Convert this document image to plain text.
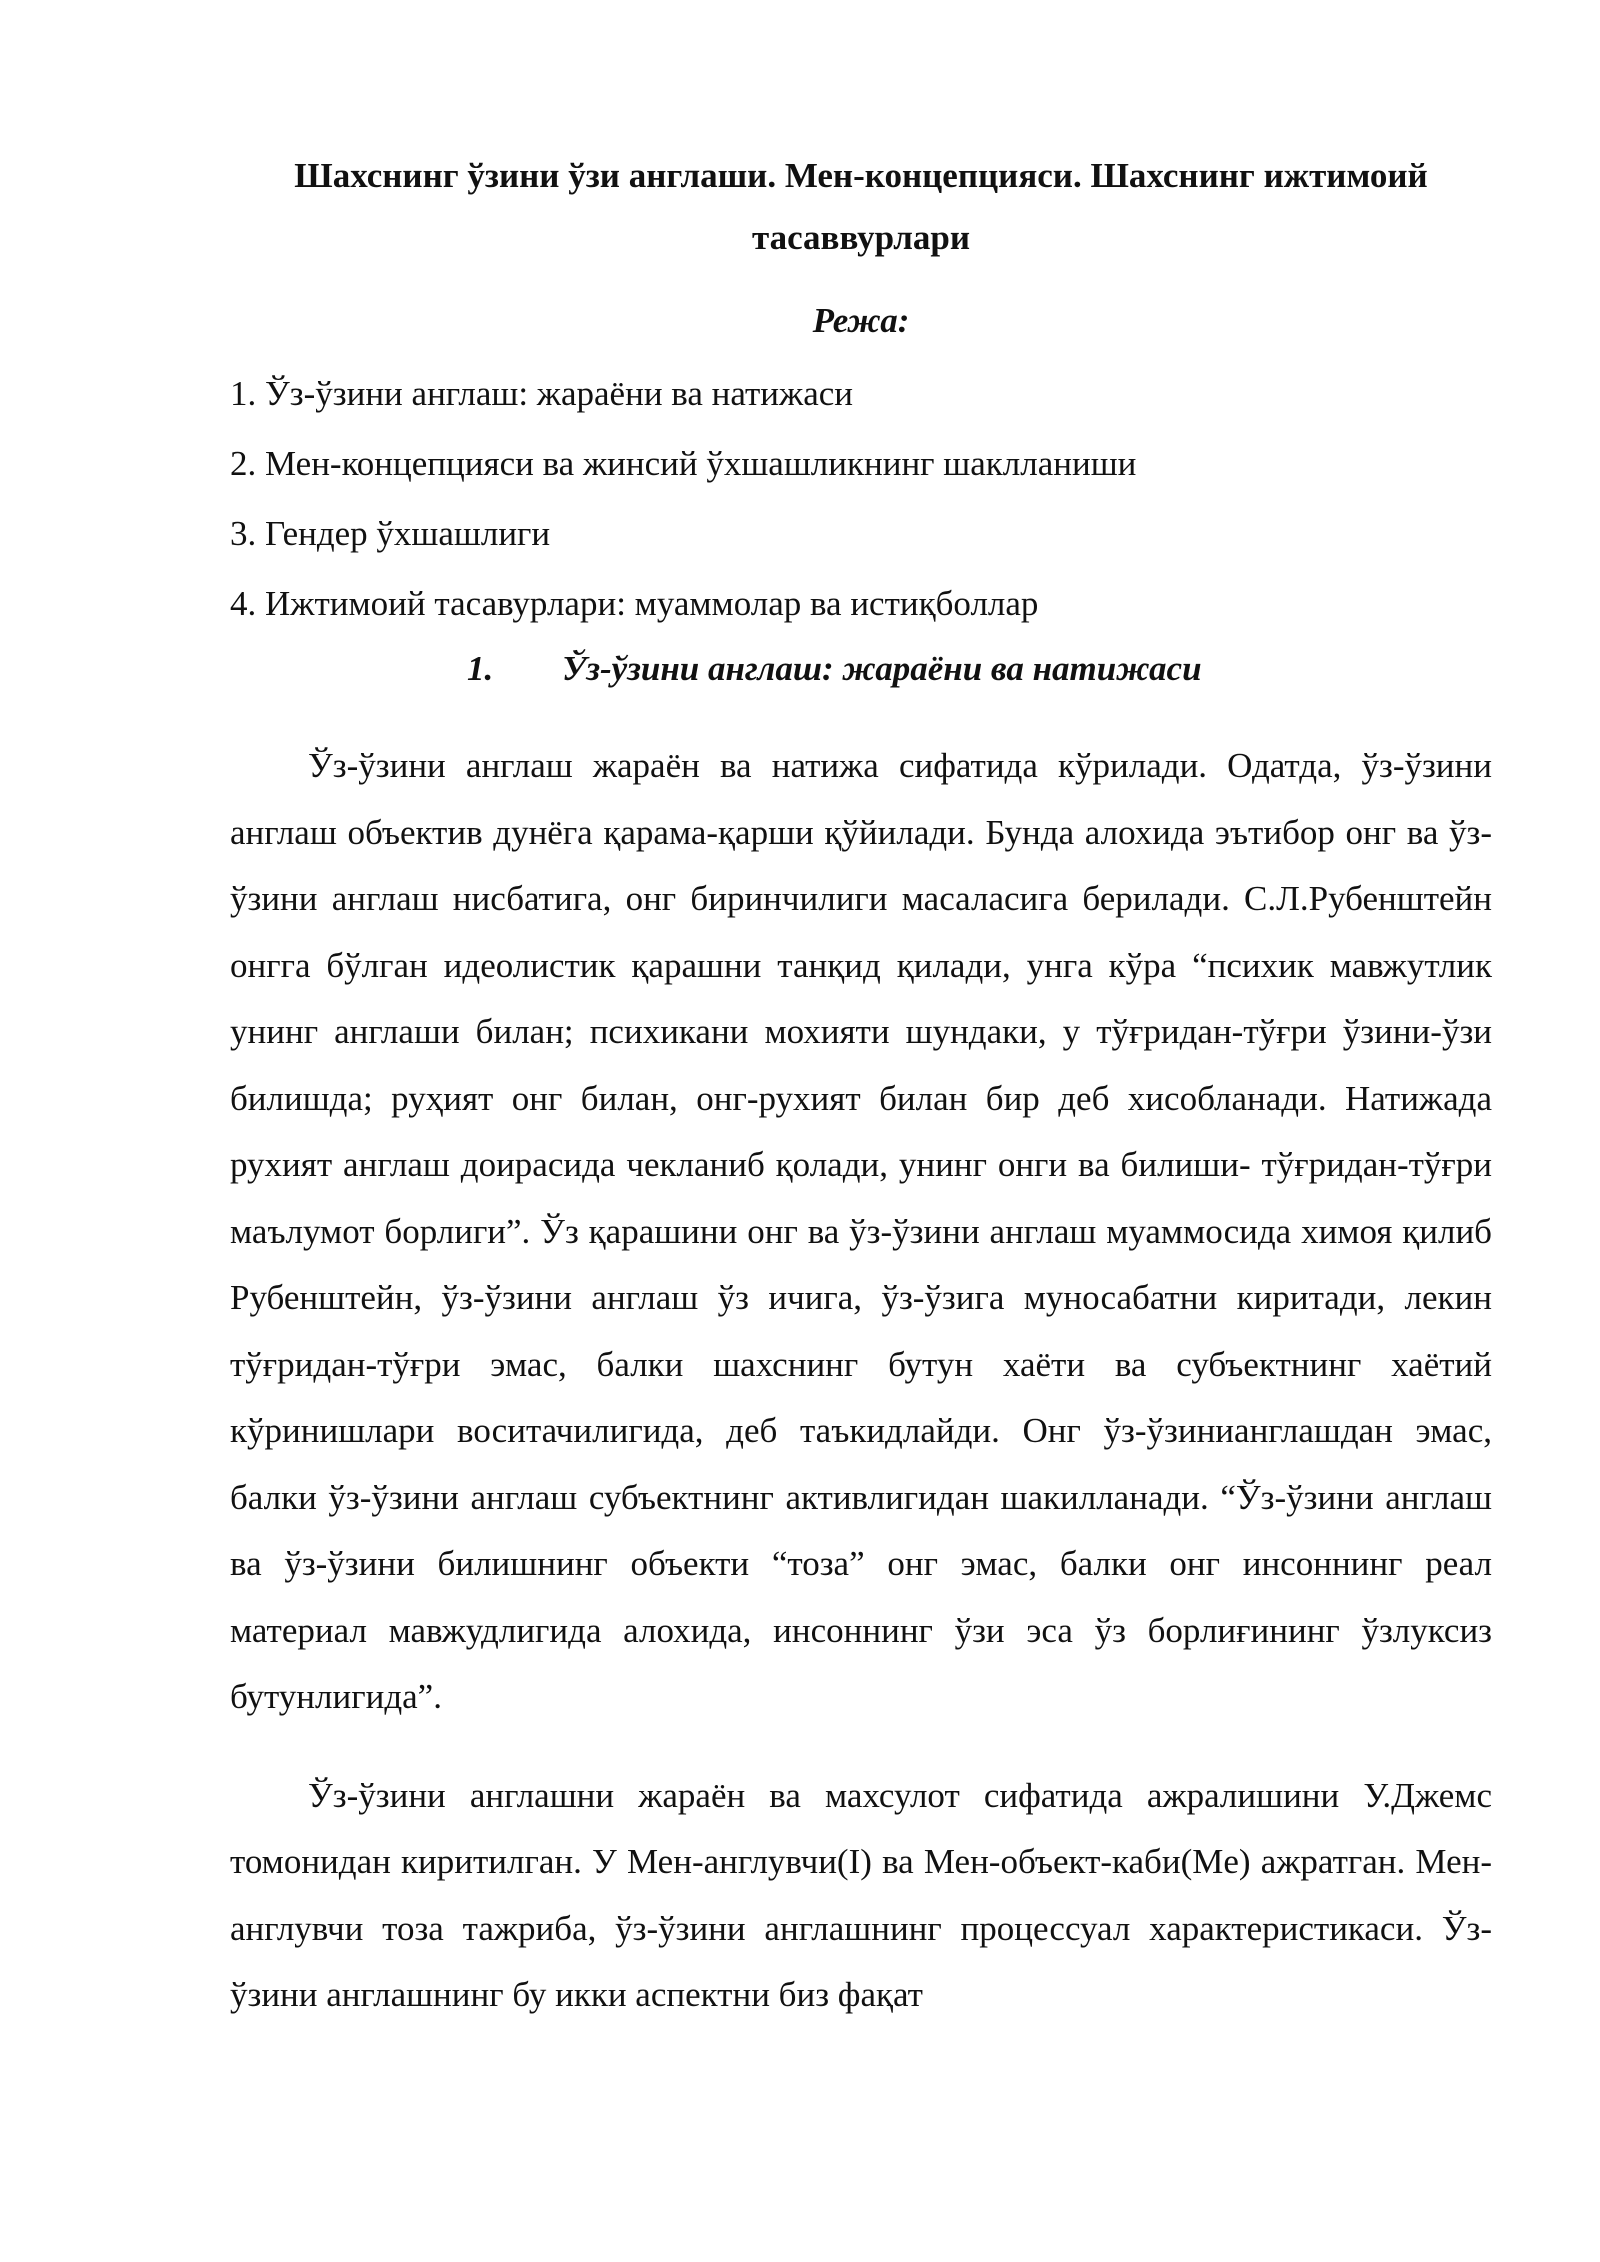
Шахснинг ўзини ўзи англаши. Мен-концепцияси. Шахснинг ижтимоий
тасаввурлари
Режа:
1. Ўз-ўзини англаш: жараёни ва натижаси
2. Мен-концепцияси ва жинсий ўхшашликнинг шаклланиши
3. Гендер ўхшашлиги
4. Ижтимоий тасавурлари: муаммолар ва истиқболлар
1. Ўз-ўзини англаш: жараёни ва натижаси

Ўз-ўзини англаш жараён ва натижа сифатида кўрилади. Одатда, ўз-ўзини англаш объектив дунёга қарама-қарши қўйилади. Бунда алохида эътибор онг ва ўз-ўзини англаш нисбатига, онг биринчилиги масаласига берилади. С.Л.Рубенштейн онгга бўлган идеолистик қарашни танқид қилади, унга кўра “психик мавжутлик унинг англаши билан; психикани мохияти шундаки, у тўғридан-тўғри ўзини-ўзи билишда; руҳият онг билан, онг-рухият билан бир деб хисобланади. Натижада рухият англаш доирасида чекланиб қолади, унинг онги ва билиши- тўғридан-тўғри маълумот борлиги”. Ўз қарашини онг ва ўз-ўзини англаш муаммосида химоя қилиб Рубенштейн, ўз-ўзини англаш ўз ичига, ўз-ўзига муносабатни киритади, лекин тўғридан-тўғри эмас, балки шахснинг бутун хаёти ва субъектнинг хаётий кўринишлари воситачилигида, деб таъкидлайди. Онг ўз-ўзинианглашдан эмас, балки ўз-ўзини англаш субъектнинг активлигидан шакилланади. “Ўз-ўзини англаш ва ўз-ўзини билишнинг объекти “тоза” онг эмас, балки онг инсоннинг реал материал мавжудлигида алохида, инсоннинг ўзи эса ўз борлиғининг ўзлуксиз бутунлигида”.

Ўз-ўзини англашни жараён ва махсулот сифатида ажралишини У.Джемс томонидан киритилган. У Мен-англувчи(I) ва Мен-объект-каби(Me) ажратган. Мен-англувчи тоза тажриба, ўз-ўзини англашнинг процессуал характеристикаси. Ўз-ўзини англашнинг бу икки аспектни биз фақат
